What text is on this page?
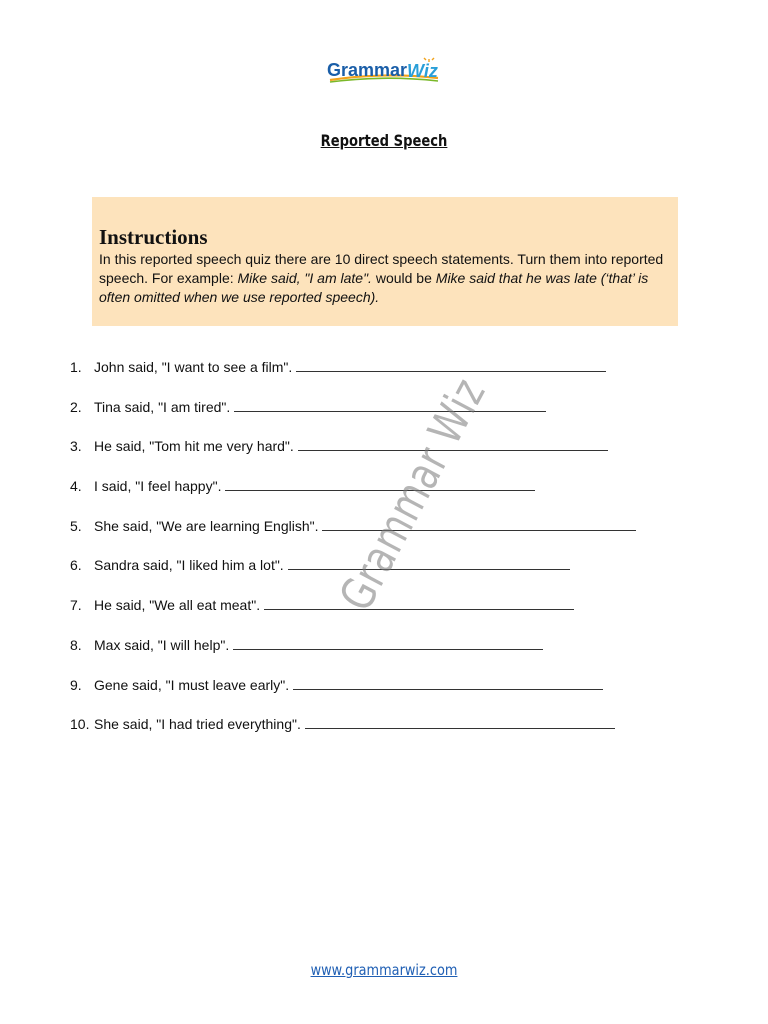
Grammar Wiz
Reported Speech
Instructions
In this reported speech quiz there are 10 direct speech statements. Turn them into reported speech. For example: Mike said, "I am late". would be Mike said that he was late (‘that’ is often omitted when we use reported speech).
1. John said, "I want to see a film".
2. Tina said, "I am tired".
3. He said, "Tom hit me very hard".
4. I said, "I feel happy".
5. She said, "We are learning English".
6. Sandra said, "I liked him a lot".
7. He said, "We all eat meat".
8. Max said, "I will help".
9. Gene said, "I must leave early".
10. She said, "I had tried everything".
Grammar Wiz
www.grammarwiz.com
